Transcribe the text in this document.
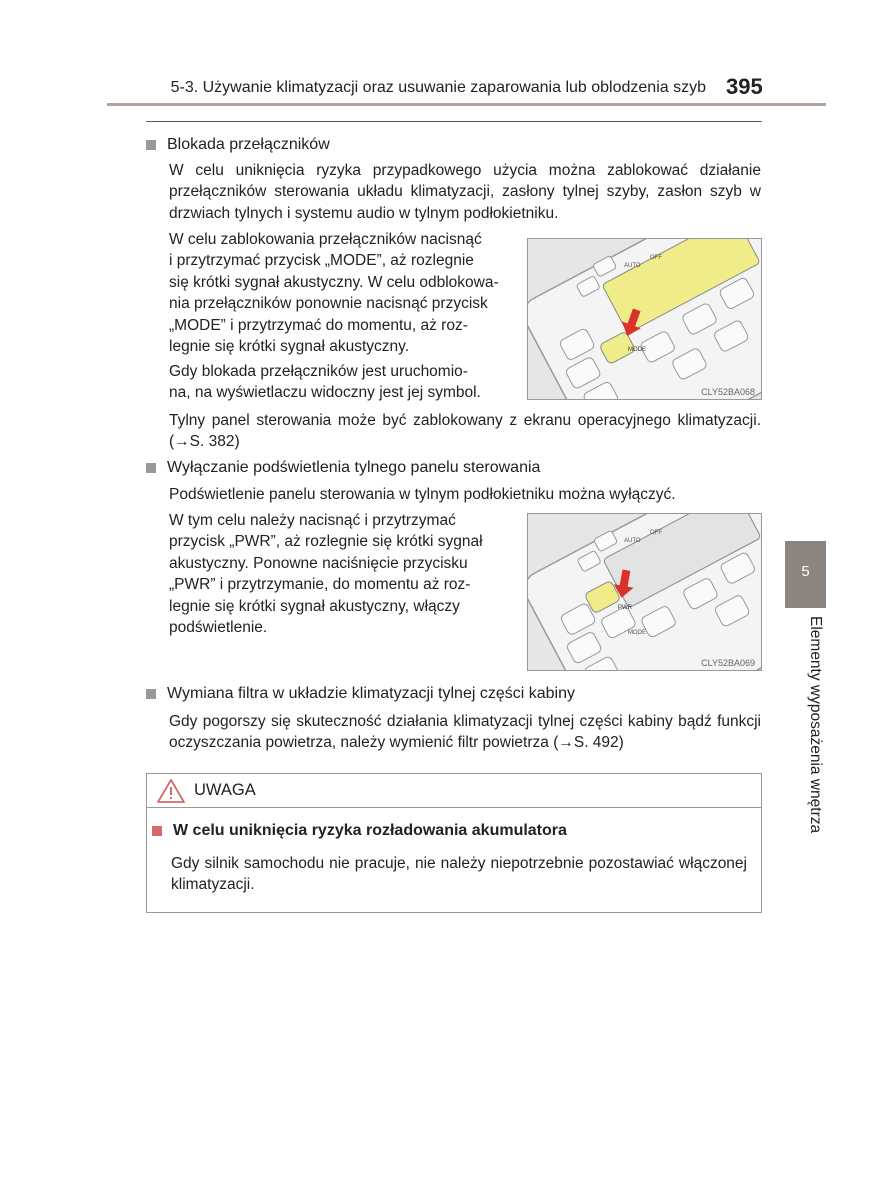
5-3. Używanie klimatyzacji oraz usuwanie zaparowania lub oblodzenia szyb 395
Blokada przełączników
W celu uniknięcia ryzyka przypadkowego użycia można zablokować działanie przełączników sterowania układu klimatyzacji, zasłony tylnej szyby, zasłon szyb w drzwiach tylnych i systemu audio w tylnym podłokietniku.
W celu zablokowania przełączników nacisnąć
i przytrzymać przycisk „MODE”, aż rozlegnie
się krótki sygnał akustyczny. W celu odblokowa-
nia przełączników ponownie nacisnąć przycisk
„MODE” i przytrzymać do momentu, aż roz-
legnie się krótki sygnał akustyczny.
Gdy blokada przełączników jest uruchomio-
na, na wyświetlaczu widoczny jest jej symbol.
AUTO
OFF
MODE
CLY52BA068
Tylny panel sterowania może być zablokowany z ekranu operacyjnego klimatyzacji. (→S. 382)
Wyłączanie podświetlenia tylnego panelu sterowania
Podświetlenie panelu sterowania w tylnym podłokietniku można wyłączyć.
W tym celu należy nacisnąć i przytrzymać
przycisk „PWR”, aż rozlegnie się krótki sygnał
akustyczny. Ponowne naciśnięcie przycisku
„PWR” i przytrzymanie, do momentu aż roz-
legnie się krótki sygnał akustyczny, włączy
podświetlenie.
AUTO
OFF
PWR
MODE
CLY52BA069
Wymiana filtra w układzie klimatyzacji tylnej części kabiny
Gdy pogorszy się skuteczność działania klimatyzacji tylnej części kabiny bądź funkcji oczyszczania powietrza, należy wymienić filtr powietrza (→S. 492)
UWAGA
W celu uniknięcia ryzyka rozładowania akumulatora
Gdy silnik samochodu nie pracuje, nie należy niepotrzebnie pozostawiać włączonej klimatyzacji.
5
Elementy wyposażenia wnętrza
